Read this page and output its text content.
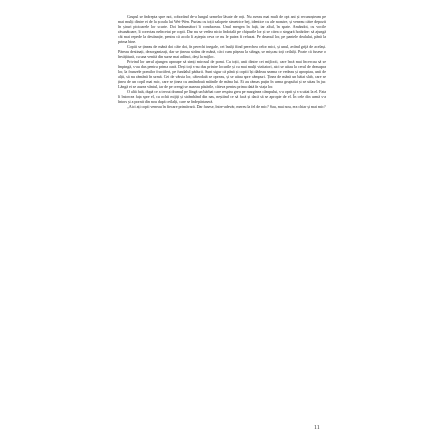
Grupul se îndrepta spre noi, coborând de-a lungul urmelor lăsate de roți. Nu aveau mai mult de opt ani și recunoșteam pe mai mulți dintre ei de la școala lui Wei-Wen. Purtau cu toții salopete simetrice bej, identice cu ale noastre, și veneau către depozit în șiruri picioarele lor scurte. Doi îndrumători îi conduceau. Unul mergea în față, iar altul, în spate. Amândoi, cu vocile răsunătoare, îi corectau neîncetat pe copii. Dar nu se vedea nicio îndoială pe chipurile lor și se citea o singură hotărâre: să ajungă cât mai repede la destinație, pentru că acolo îi aștepta ceva ce nu le putea fi refuzat. Pe drumul lor, pe pantele dealului, până la prima bine.

Copiii se țineau de mână doi câte doi, în perechi inegale, cei înalți fiind perechea celor mici, și unul, având grijă de același. Păreau destinați, dezorganizați, dar se țineau strâns de mână, căci cum pășeau la stânga, se mișcau toți ceilalți. Poate că fusese o învățătură, cu una venită din surse mai adânci, deși la mijloc.

Privind lor aerul ajungea aproape să simți mirosul de pomi. Cu toții, unii dintre cei mijlocii, care încă mai încercau să se împingă, s-au dus pentru prima oară. Deși toți s-au dus printre locurile și cu mai mulți vizitatori, aici se uitau la cerul de deasupra lor, la frunzele pomilor fructiferi, pe fundalul pădurii. Sunt sigur că până și copiii își dădeau seama ce vedeau și apropiau, unii de alții, să nu rămână în urmă. Cei de vârsta lor, câteodată se opreau, și se uitau spre câmpuri. Ținea de mână un băiat slab, care se ținea de un copil mai mic, care se ținea cu amândouă mâinile de mâna lui. Ei au rămas puțin în urma grupului și se uitau în jur. Lângă ei se auzea vântul, iar de pe crengi se auzeau păsările, câteva pentru prima dată în viața lor.

O altă fată, după ce a trecut drumul pe lângă un bărbat care respira greu pe marginea câmpului, s-a oprit și s-a uitat la el. Fata îi întorcea fața spre el, cu ochii mijiți și strâmbând din nas, neștiind ce să facă și dacă să se apropie de el. În cele din urmă s-a întors și a pornit din nou după ceilalți, care se îndepărtaseră.

„Aici ați copii veneau în fiecare primăvară. Dar fusese, între-adevăr, mereu la fel de mic? Sau, mai nou, era chiar și mai mic?

11
